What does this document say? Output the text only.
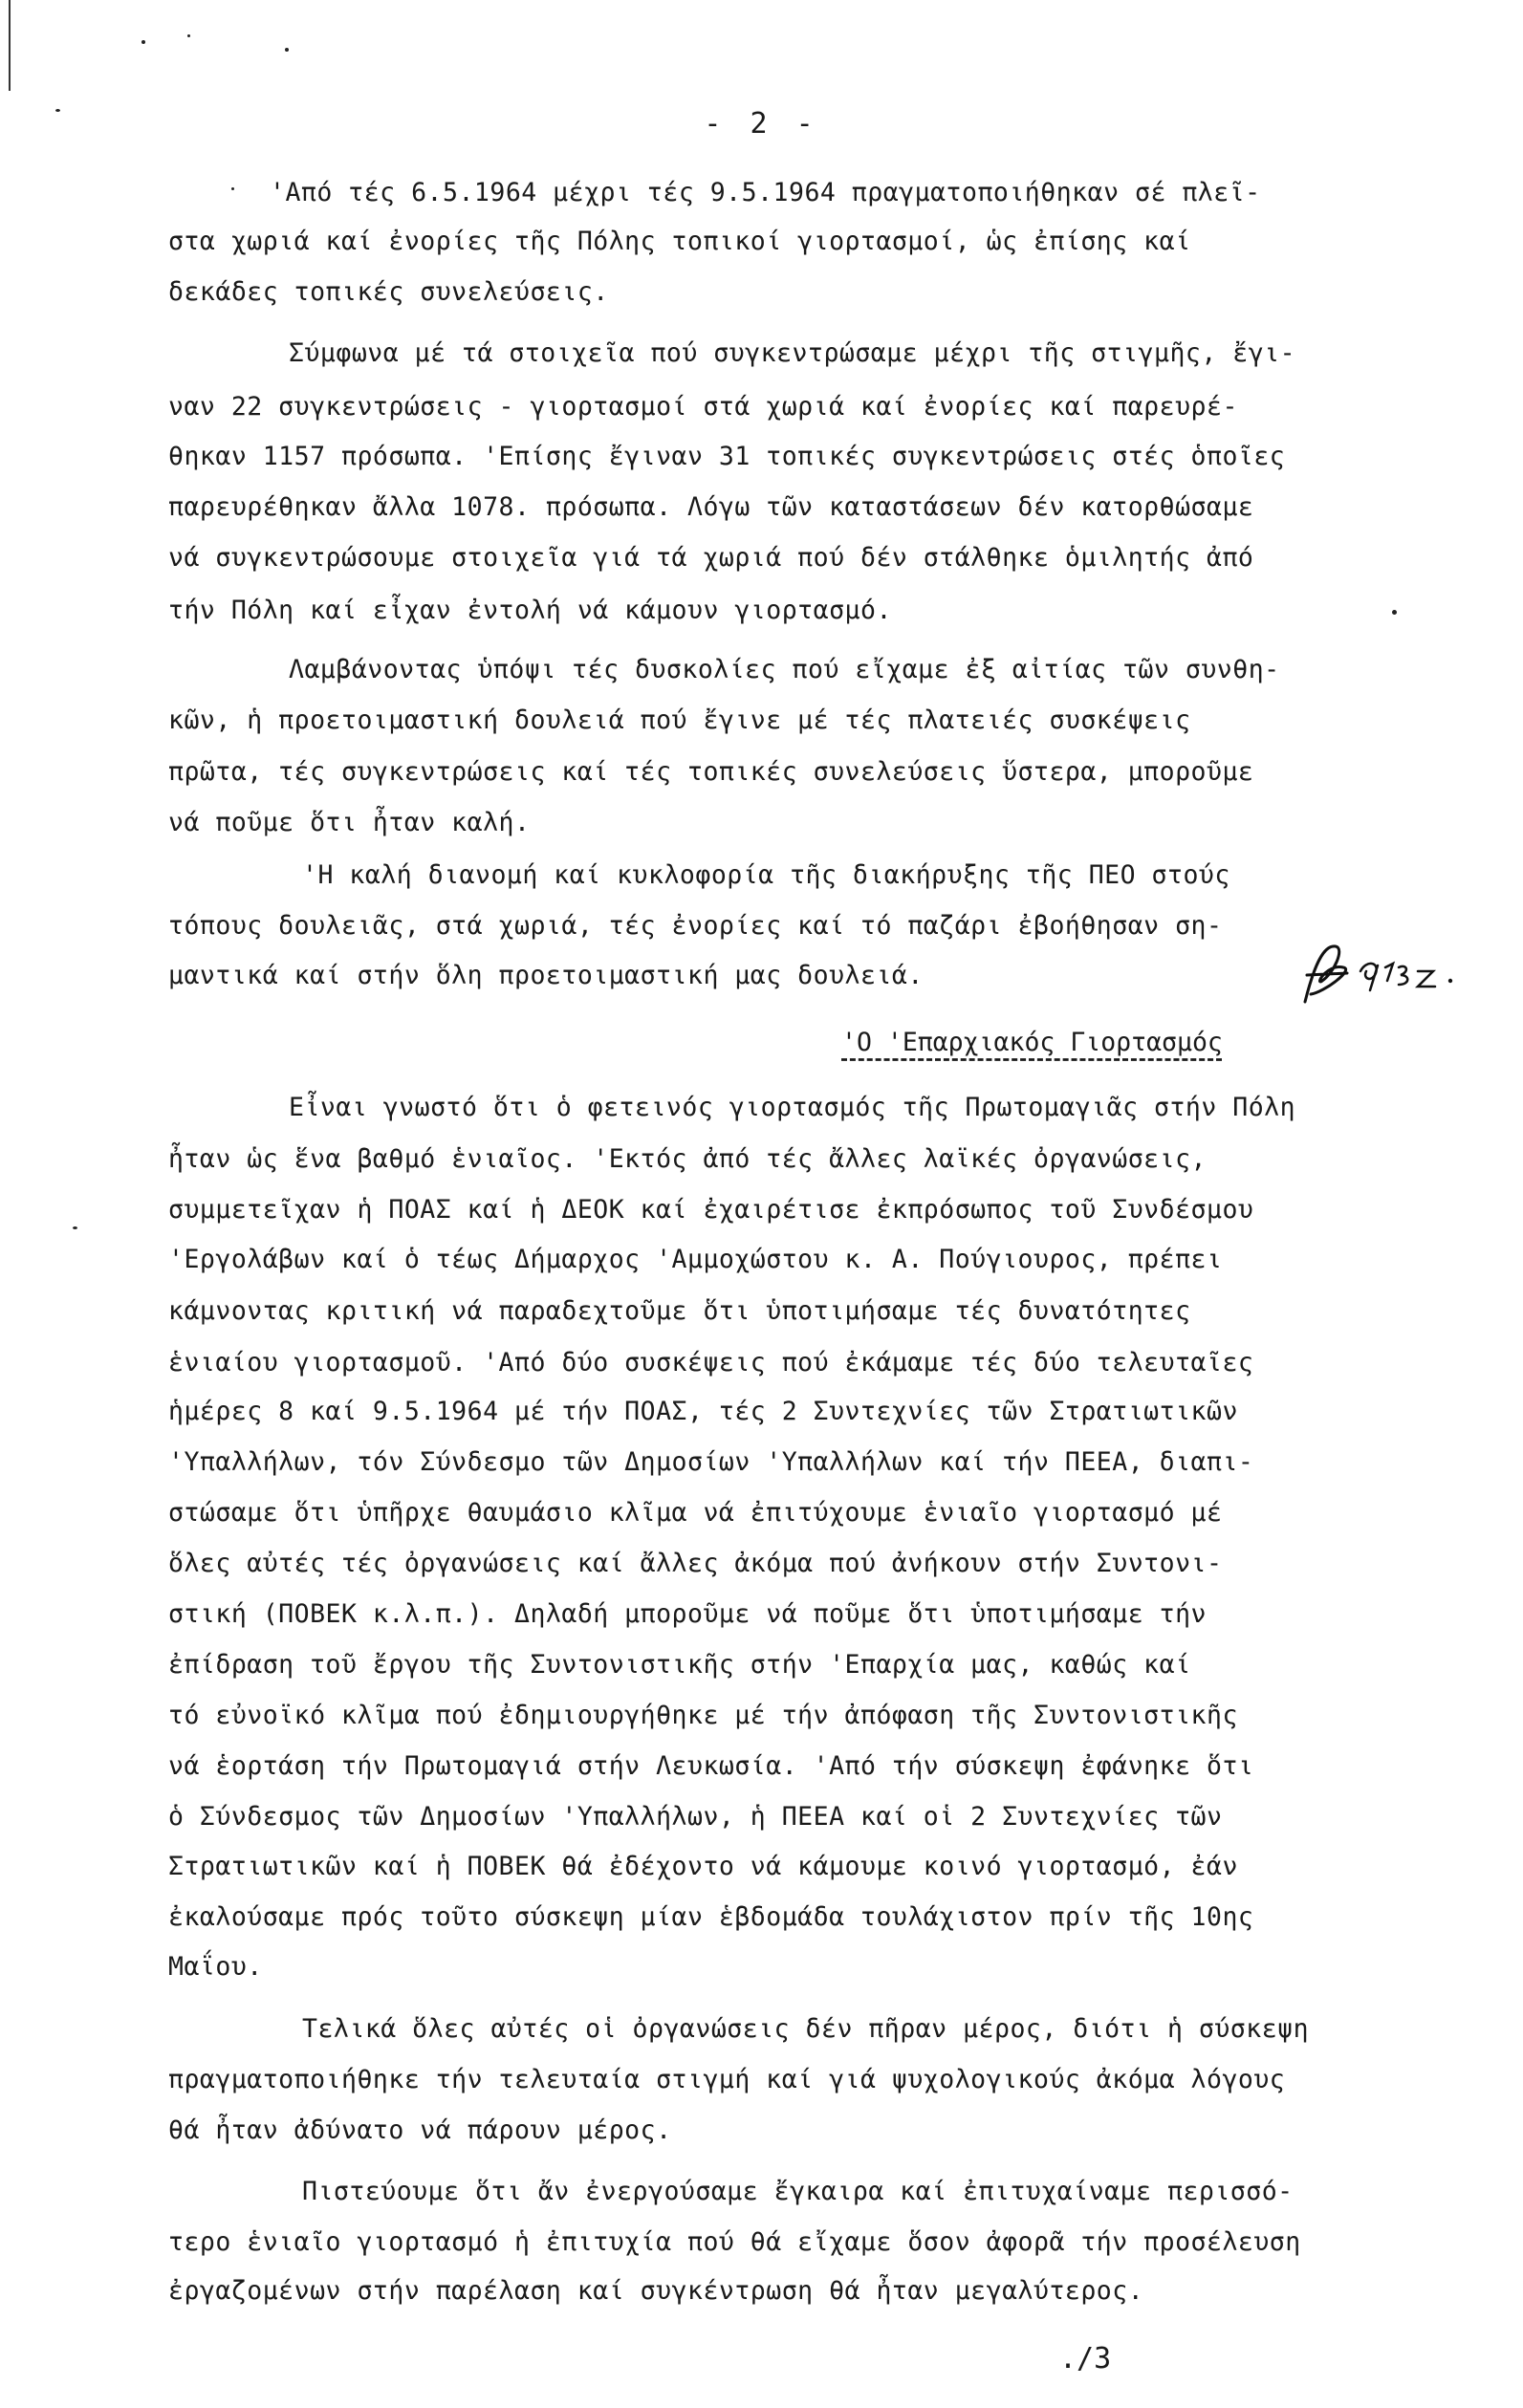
- 2 -
'Από τές 6.5.1964 μέχρι τές 9.5.1964 πραγματοποιήθηκαν σέ πλεῖ-
στα χωριά καί ἐνορίες τῆς Πόλης τοπικοί γιορτασμοί, ὡς ἐπίσης καί
δεκάδες τοπικές συνελεύσεις.
Σύμφωνα μέ τά στοιχεῖα πού συγκεντρώσαμε μέχρι τῆς στιγμῆς, ἔγι-
ναν 22 συγκεντρώσεις - γιορτασμοί στά χωριά καί ἐνορίες καί παρευρέ-
θηκαν 1157 πρόσωπα. 'Επίσης ἔγιναν 31 τοπικές συγκεντρώσεις στές ὁποῖες
παρευρέθηκαν ἄλλα 1078. πρόσωπα. Λόγω τῶν καταστάσεων δέν κατορθώσαμε
νά συγκεντρώσουμε στοιχεῖα γιά τά χωριά πού δέν στάλθηκε ὁμιλητής ἀπό
τήν Πόλη καί εἶχαν ἐντολή νά κάμουν γιορτασμό.
Λαμβάνοντας ὑπόψι τές δυσκολίες πού εἴχαμε ἐξ αἰτίας τῶν συνθη-
κῶν, ἡ προετοιμαστική δουλειά πού ἔγινε μέ τές πλατειές συσκέψεις
πρῶτα, τές συγκεντρώσεις καί τές τοπικές συνελεύσεις ὕστερα, μποροῦμε
νά ποῦμε ὅτι ἦταν καλή.
'Η καλή διανομή καί κυκλοφορία τῆς διακήρυξης τῆς ΠΕΟ στούς
τόπους δουλειᾶς, στά χωριά, τές ἐνορίες καί τό παζάρι ἐβοήθησαν ση-
μαντικά καί στήν ὅλη προετοιμαστική μας δουλειά.
'Ο 'Επαρχιακός Γιορτασμός
Εἶναι γνωστό ὅτι ὁ φετεινός γιορτασμός τῆς Πρωτομαγιᾶς στήν Πόλη
ἦταν ὡς ἕνα βαθμό ἑνιαῖος. 'Εκτός ἀπό τές ἄλλες λαϊκές ὀργανώσεις,
συμμετεῖχαν ἡ ΠΟΑΣ καί ἡ ΔΕΟΚ καί ἐχαιρέτισε ἐκπρόσωπος τοῦ Συνδέσμου
'Εργολάβων καί ὁ τέως Δήμαρχος 'Αμμοχώστου κ. Α. Πούγιουρος, πρέπει
κάμνοντας κριτική νά παραδεχτοῦμε ὅτι ὑποτιμήσαμε τές δυνατότητες
ἑνιαίου γιορτασμοῦ. 'Από δύο συσκέψεις πού ἐκάμαμε τές δύο τελευταῖες
ἡμέρες 8 καί 9.5.1964 μέ τήν ΠΟΑΣ, τές 2 Συντεχνίες τῶν Στρατιωτικῶν
'Υπαλλήλων, τόν Σύνδεσμο τῶν Δημοσίων 'Υπαλλήλων καί τήν ΠΕΕΑ, διαπι-
στώσαμε ὅτι ὑπῆρχε θαυμάσιο κλῖμα νά ἐπιτύχουμε ἑνιαῖο γιορτασμό μέ
ὅλες αὐτές τές ὀργανώσεις καί ἄλλες ἀκόμα πού ἀνήκουν στήν Συντονι-
στική (ΠΟΒΕΚ κ.λ.π.). Δηλαδή μποροῦμε νά ποῦμε ὅτι ὑποτιμήσαμε τήν
ἐπίδραση τοῦ ἔργου τῆς Συντονιστικῆς στήν 'Επαρχία μας, καθώς καί
τό εὐνοϊκό κλῖμα πού ἐδημιουργήθηκε μέ τήν ἀπόφαση τῆς Συντονιστικῆς
νά ἑορτάση τήν Πρωτομαγιά στήν Λευκωσία. 'Από τήν σύσκεψη ἐφάνηκε ὅτι
ὁ Σύνδεσμος τῶν Δημοσίων 'Υπαλλήλων, ἡ ΠΕΕΑ καί οἱ 2 Συντεχνίες τῶν
Στρατιωτικῶν καί ἡ ΠΟΒΕΚ θά ἐδέχοντο νά κάμουμε κοινό γιορτασμό, ἐάν
ἐκαλούσαμε πρός τοῦτο σύσκεψη μίαν ἑβδομάδα τουλάχιστον πρίν τῆς 10ης
Μαΐου.
Τελικά ὅλες αὐτές οἱ ὀργανώσεις δέν πῆραν μέρος, διότι ἡ σύσκεψη
πραγματοποιήθηκε τήν τελευταία στιγμή καί γιά ψυχολογικούς ἀκόμα λόγους
θά ἦταν ἀδύνατο νά πάρουν μέρος.
Πιστεύουμε ὅτι ἄν ἐνεργούσαμε ἔγκαιρα καί ἐπιτυχαίναμε περισσό-
τερο ἑνιαῖο γιορτασμό ἡ ἐπιτυχία πού θά εἴχαμε ὅσον ἀφορᾶ τήν προσέλευση
ἐργαζομένων στήν παρέλαση καί συγκέντρωση θά ἦταν μεγαλύτερος.
./3
